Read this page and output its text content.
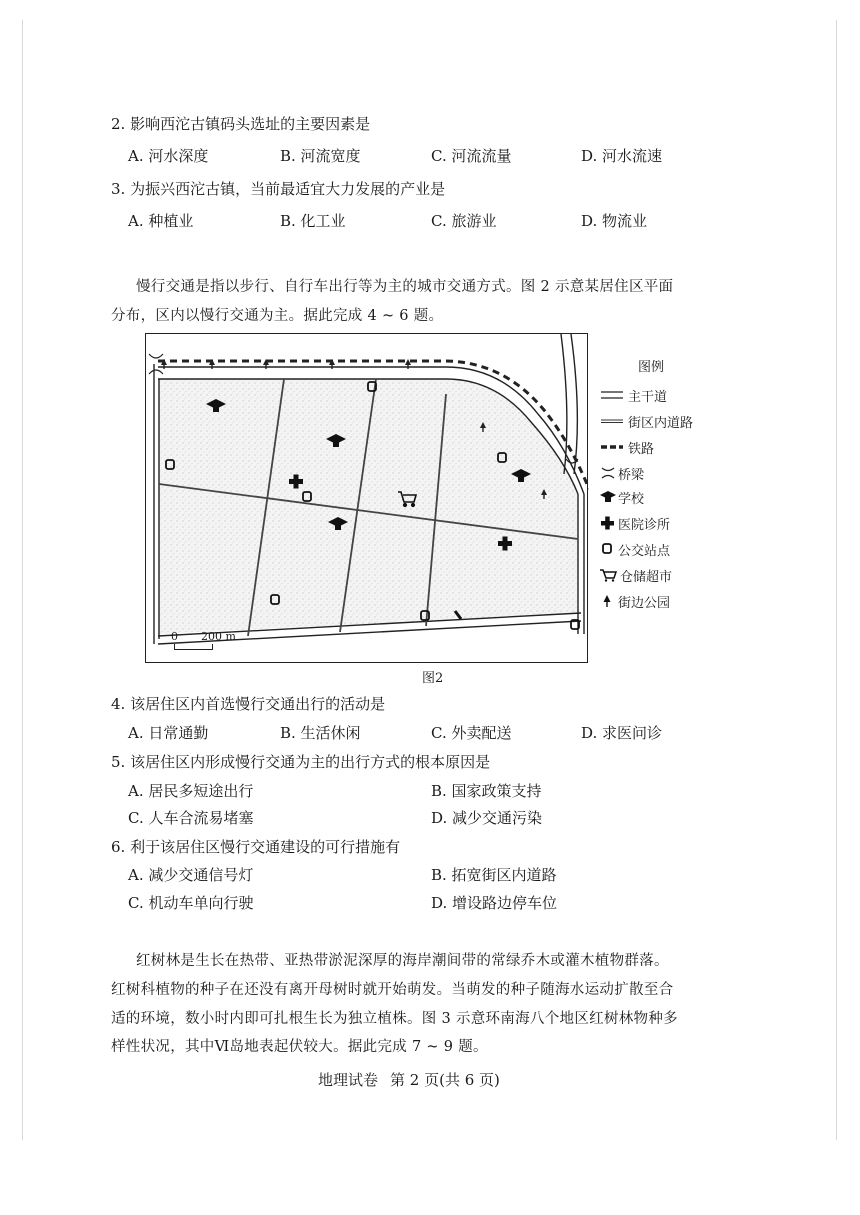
2. 影响西沱古镇码头选址的主要因素是
A. 河水深度	B. 河流宽度	C. 河流流量	D. 河水流速
3. 为振兴西沱古镇，当前最适宜大力发展的产业是
A. 种植业	B. 化工业	C. 旅游业	D. 物流业
慢行交通是指以步行、自行车出行等为主的城市交通方式。图 2 示意某居住区平面
分布，区内以慢行交通为主。据此完成 4 ~ 6 题。
0 200 m
图例
主干道
街区内道路
铁路
桥梁
学校
医院诊所
公交站点
仓储超市
街边公园
图2
4. 该居住区内首选慢行交通出行的活动是
A. 日常通勤	B. 生活休闲	C. 外卖配送	D. 求医问诊
5. 该居住区内形成慢行交通为主的出行方式的根本原因是
A. 居民多短途出行	B. 国家政策支持
C. 人车合流易堵塞	D. 减少交通污染
6. 利于该居住区慢行交通建设的可行措施有
A. 减少交通信号灯	B. 拓宽街区内道路
C. 机动车单向行驶	D. 增设路边停车位
红树林是生长在热带、亚热带淤泥深厚的海岸潮间带的常绿乔木或灌木植物群落。
红树科植物的种子在还没有离开母树时就开始萌发。当萌发的种子随海水运动扩散至合
适的环境，数小时内即可扎根生长为独立植株。图 3 示意环南海八个地区红树林物种多
样性状况，其中Ⅵ岛地表起伏较大。据此完成 7 ~ 9 题。
地理试卷 第 2 页(共 6 页)
